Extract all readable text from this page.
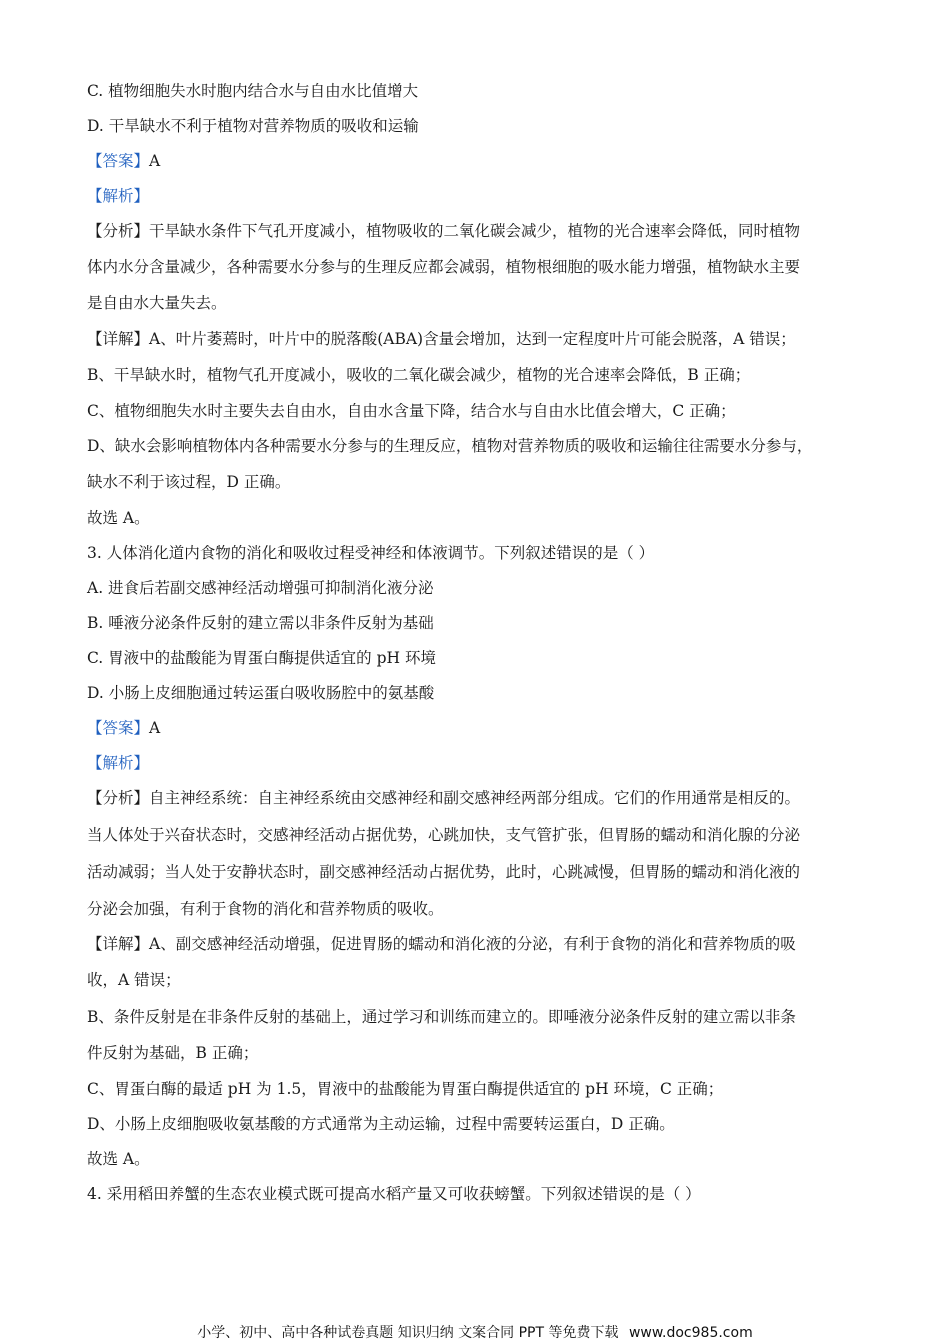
C. 植物细胞失水时胞内结合水与自由水比值增大
D. 干旱缺水不利于植物对营养物质的吸收和运输
【答案】A
【解析】
【分析】干旱缺水条件下气孔开度减小，植物吸收的二氧化碳会减少，植物的光合速率会降低，同时植物
体内水分含量减少，各种需要水分参与的生理反应都会减弱，植物根细胞的吸水能力增强，植物缺水主要
是自由水大量失去。
【详解】A、叶片萎蔫时，叶片中的脱落酸(ABA)含量会增加，达到一定程度叶片可能会脱落，A 错误；
B、干旱缺水时，植物气孔开度减小，吸收的二氧化碳会减少，植物的光合速率会降低，B 正确；
C、植物细胞失水时主要失去自由水，自由水含量下降，结合水与自由水比值会增大，C 正确；
D、缺水会影响植物体内各种需要水分参与的生理反应，植物对营养物质的吸收和运输往往需要水分参与，
缺水不利于该过程，D 正确。
故选 A。
3. 人体消化道内食物的消化和吸收过程受神经和体液调节。下列叙述错误的是（ ）
A. 进食后若副交感神经活动增强可抑制消化液分泌
B. 唾液分泌条件反射的建立需以非条件反射为基础
C. 胃液中的盐酸能为胃蛋白酶提供适宜的 pH 环境
D. 小肠上皮细胞通过转运蛋白吸收肠腔中的氨基酸
【答案】A
【解析】
【分析】自主神经系统：自主神经系统由交感神经和副交感神经两部分组成。它们的作用通常是相反的。
当人体处于兴奋状态时，交感神经活动占据优势，心跳加快，支气管扩张，但胃肠的蠕动和消化腺的分泌
活动减弱；当人处于安静状态时，副交感神经活动占据优势，此时，心跳减慢，但胃肠的蠕动和消化液的
分泌会加强，有利于食物的消化和营养物质的吸收。
【详解】A、副交感神经活动增强，促进胃肠的蠕动和消化液的分泌，有利于食物的消化和营养物质的吸
收，A 错误；
B、条件反射是在非条件反射的基础上，通过学习和训练而建立的。即唾液分泌条件反射的建立需以非条
件反射为基础，B 正确；
C、胃蛋白酶的最适 pH 为 1.5，胃液中的盐酸能为胃蛋白酶提供适宜的 pH 环境，C 正确；
D、小肠上皮细胞吸收氨基酸的方式通常为主动运输，过程中需要转运蛋白，D 正确。
故选 A。
4. 采用稻田养蟹的生态农业模式既可提高水稻产量又可收获螃蟹。下列叙述错误的是（ ）
小学、初中、高中各种试卷真题 知识归纳 文案合同 PPT 等免费下载 www.doc985.com
